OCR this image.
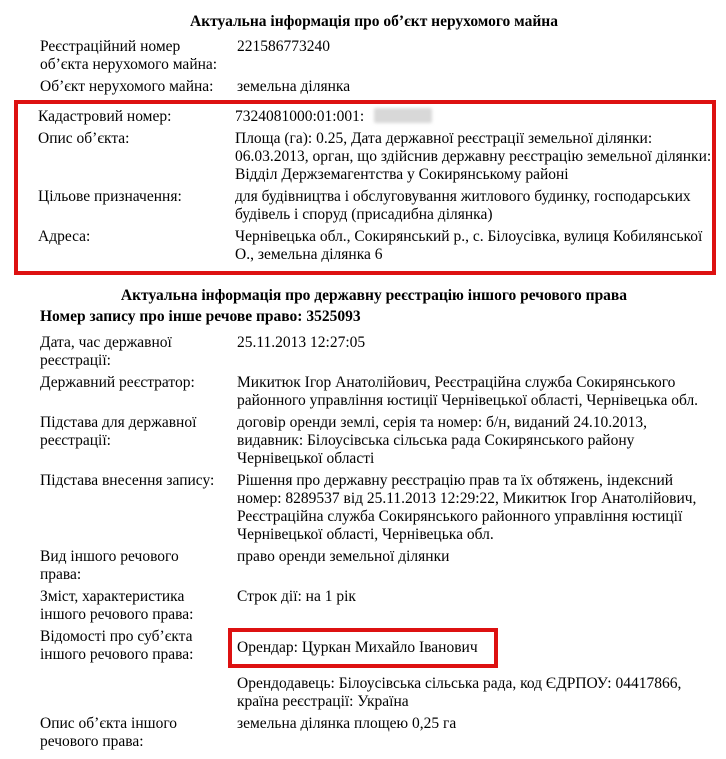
Актуальна інформація про об’єкт нерухомого майна
Реєстраційний номер об’єкта нерухомого майна:
221586773240
Об’єкт нерухомого майна:	земельна ділянка
Кадастровий номер:	7324081000:01:001:
Опис об’єкта:	Площа (га): 0.25, Дата державної реєстрації земельної ділянки: 06.03.2013, орган, що здійснив державну реєстрацію земельної ділянки: Відділ Держземагентства у Сокирянському районі
Цільове призначення:	для будівництва і обслуговування житлового будинку, господарських будівель і споруд (присадибна ділянка)
Адреса:	Чернівецька обл., Сокирянський р., с. Білоусівка, вулиця Кобилянської О., земельна ділянка 6
Актуальна інформація про державну реєстрацію іншого речового права
Номер запису про інше речове право: 3525093
Дата, час державної реєстрації:
25.11.2013 12:27:05
Державний реєстратор:	Микитюк Ігор Анатолійович, Реєстраційна служба Сокирянського районного управління юстиції Чернівецької області, Чернівецька обл.
Підстава для державної реєстрації:
договір оренди землі, серія та номер: б/н, виданий 24.10.2013, видавник: Білоусівська сільська рада Сокирянського району Чернівецької області
Підстава внесення запису:	Рішення про державну реєстрацію прав та їх обтяжень, індексний номер: 8289537 від 25.11.2013 12:29:22, Микитюк Ігор Анатолійович, Реєстраційна служба Сокирянського районного управління юстиції Чернівецької області, Чернівецька обл.
Вид іншого речового права:
право оренди земельної ділянки
Зміст, характеристика іншого речового права:
Строк дії: на 1 рік
Відомості про суб’єкта іншого речового права:	Орендар: Цуркан Михайло Іванович
Орендодавець: Білоусівська сільська рада, код ЄДРПОУ: 04417866, країна реєстрації: Україна
Опис об’єкта іншого речового права:
земельна ділянка площею 0,25 га
